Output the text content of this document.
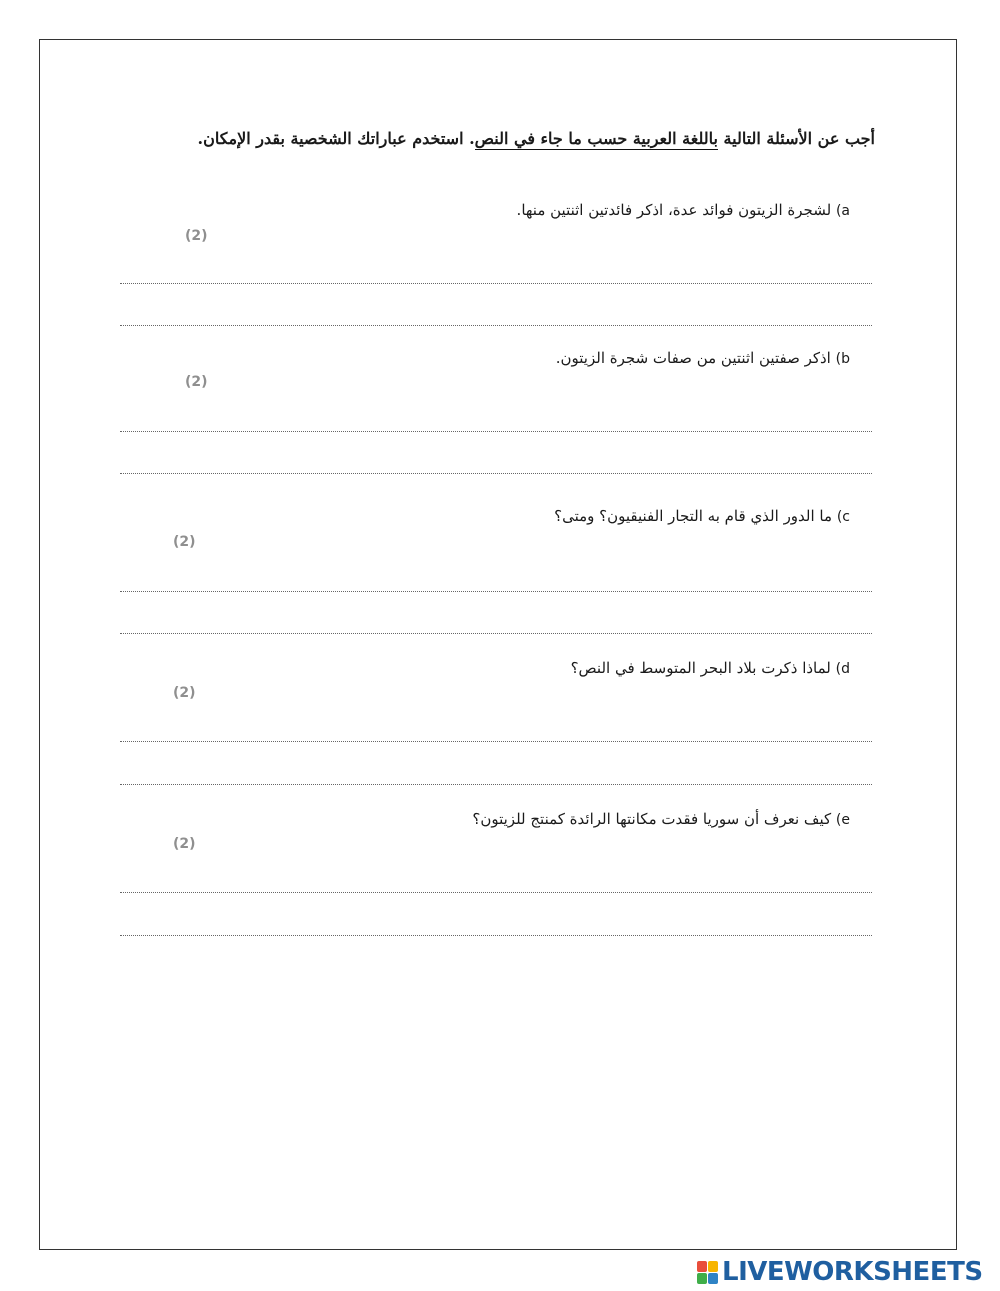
أجب عن الأسئلة التالية باللغة العربية حسب ما جاء في النص. استخدم عباراتك الشخصية بقدر الإمكان.
(a لشجرة الزيتون فوائد عدة، اذكر فائدتين اثنتين منها.
(2)
(b اذكر صفتين اثنتين من صفات شجرة الزيتون.
(2)
(c ما الدور الذي قام به التجار الفنيقيون؟ ومتى؟
(2)
(d لماذا ذكرت بلاد البحر المتوسط في النص؟
(2)
(e كيف نعرف أن سوريا فقدت مكانتها الرائدة كمنتج للزيتون؟
(2)
LIVEWORKSHEETS
